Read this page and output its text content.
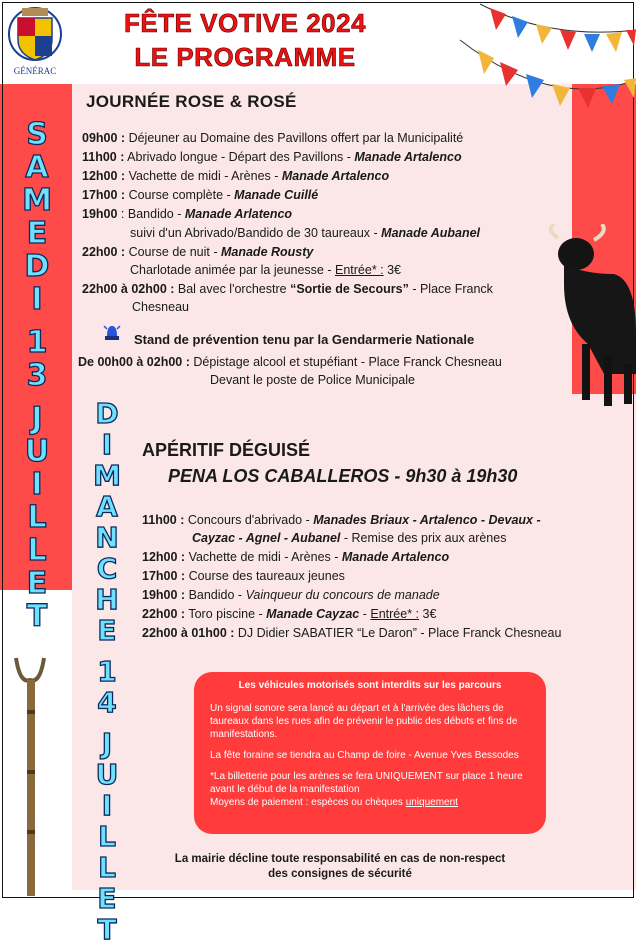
GÉNÉRAC
FÊTE VOTIVE 2024
LE PROGRAMME
S
A
M
E
D
I
1
3
J
U
I
L
L
E
T
D
I
M
A
N
C
H
E
1
4
J
U
I
L
L
E
T
JOURNÉE ROSE & ROSÉ
09h00 : Déjeuner au Domaine des Pavillons offert par la Municipalité
11h00 : Abrivado longue - Départ des Pavillons - Manade Artalenco
12h00 : Vachette de midi - Arènes - Manade Artalenco
17h00 : Course complète - Manade Cuillé
19h00 : Bandido - Manade Arlatenco
suivi d'un Abrivado/Bandido de 30 taureaux - Manade Aubanel
22h00 : Course de nuit - Manade Rousty
Charlotade animée par la jeunesse - Entrée* : 3€
22h00 à 02h00 : Bal avec l'orchestre “Sortie de Secours” - Place Franck
Chesneau
Stand de prévention tenu par la Gendarmerie Nationale
De 00h00 à 02h00 : Dépistage alcool et stupéfiant - Place Franck Chesneau
Devant le poste de Police Municipale
APÉRITIF DÉGUISÉ
PENA LOS CABALLEROS - 9h30 à 19h30
11h00 : Concours d'abrivado - Manades Briaux - Artalenco - Devaux -
Cayzac - Agnel - Aubanel - Remise des prix aux arènes
12h00 : Vachette de midi - Arènes - Manade Artalenco
17h00 : Course des taureaux jeunes
19h00 : Bandido - Vainqueur du concours de manade
22h00 : Toro piscine - Manade Cayzac - Entrée* : 3€
22h00 à 01h00 : DJ Didier SABATIER “Le Daron” - Place Franck Chesneau
Les véhicules motorisés sont interdits sur les parcours

Un signal sonore sera lancé au départ et à l'arrivée des lâchers de taureaux dans les rues afin de prévenir le public des débuts et fins de manifestations.

La fête foraine se tiendra au Champ de foire - Avenue Yves Bessodes

*La billetterie pour les arènes se fera UNIQUEMENT sur place 1 heure avant le début de la manifestation

Moyens de paiement : espèces ou chèques uniquement

La mairie décline toute responsabilité en cas de non-respect
des consignes de sécurité
